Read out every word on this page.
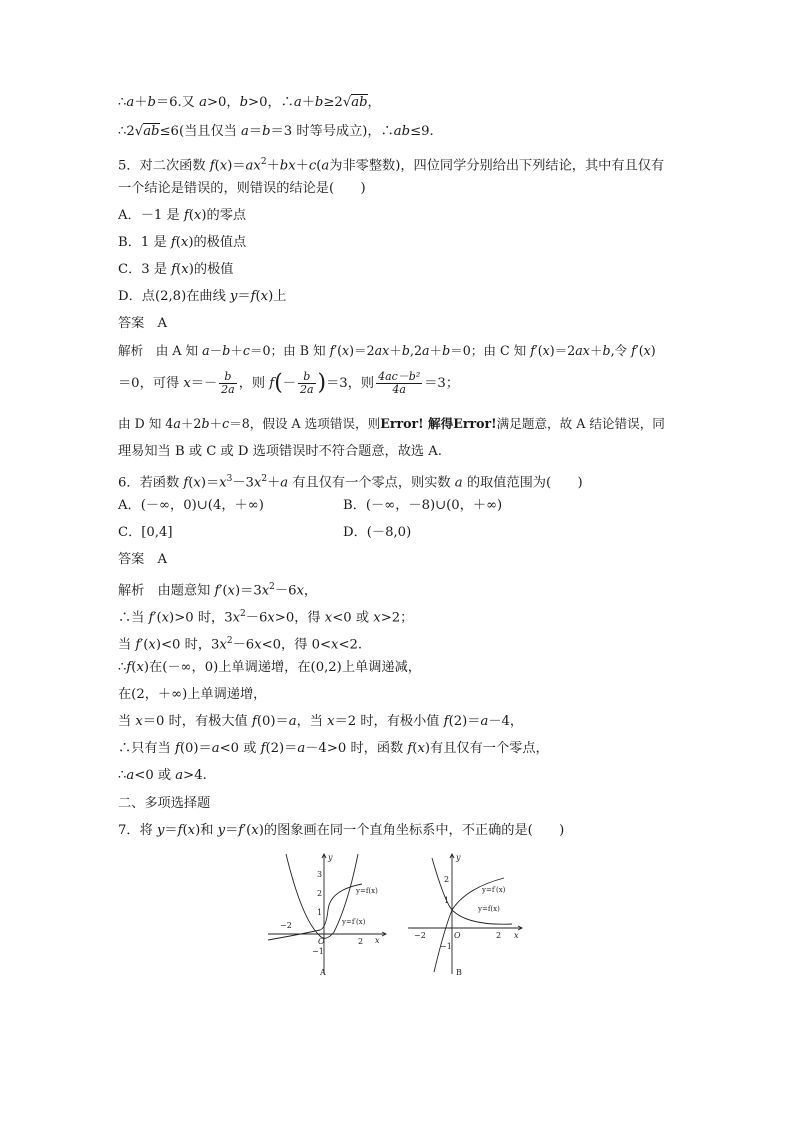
∴a＋b＝6.又 a>0，b>0，∴a＋b≥2√ab，
∴2√ab≤6(当且仅当 a＝b＝3 时等号成立)，∴ab≤9.
5．对二次函数 $f(x)=ax^2+bx+c(a$为非零整数)，四位同学分别给出下列结论，其中有且仅有
一个结论是错误的，则错误的结论是(　　)
A．－1 是 f(x)的零点
B．1 是 f(x)的极值点
C．3 是 f(x)的极值
D．点(2,8)在曲线 y＝f(x)上
答案　A
解析　由 A 知 a－b＋c＝0；由 B 知 f′(x)＝2ax＋b,2a＋b＝0；由 C 知 f′(x)＝2ax＋b,令 f′(x)
＝0，可得 $x=- \frac{b}{2a}$ ，则 $f(- \frac{b}{2a} )=3$，则 $\frac{\text{4ac－b²}}{4a} =3$；
由 D 知 4a＋2b＋c＝8，假设 A 选项错误，则Error! 解得Error!满足题意，故 A 结论错误，同
理易知当 B 或 C 或 D 选项错误时不符合题意，故选 A.
6．若函数 $f(x)=x^3-3x^2+a$ 有且仅有一个零点，则实数 a 的取值范围为(　　)
A．(－∞，0)∪(4，＋∞)	B．(－∞，－8)∪(0，＋∞)
C．[0,4]	D．(－8,0)
答案　A
解析　由题意知 $f'(x)=3x^2-6x$，
∴当 f′(x)>0 时，$3x^2-6x>0$，得 x<0 或 x>2；
当 f′(x)<0 时，$3x^2-6x<0$，得 0<x<2.
∴f(x)在(－∞，0)上单调递增，在(0,2)上单调递减，
在(2，＋∞)上单调递增，
当 x＝0 时，有极大值 f(0)＝a，当 x＝2 时，有极小值 f(2)＝a－4，
∴只有当 f(0)＝a<0 或 f(2)＝a－4>0 时，函数 f(x)有且仅有一个零点，
∴a<0 或 a>4.
二、多项选择题
7．将 y＝f(x)和 y＝f′(x)的图象画在同一个直角坐标系中，不正确的是(　　)
y
x
O
−2
2
3
2
1
−1
y=f(x)
y=f′(x)
A
y
x
O
−2	2
2
1
−1
y=f′(x)
y=f(x)
B
